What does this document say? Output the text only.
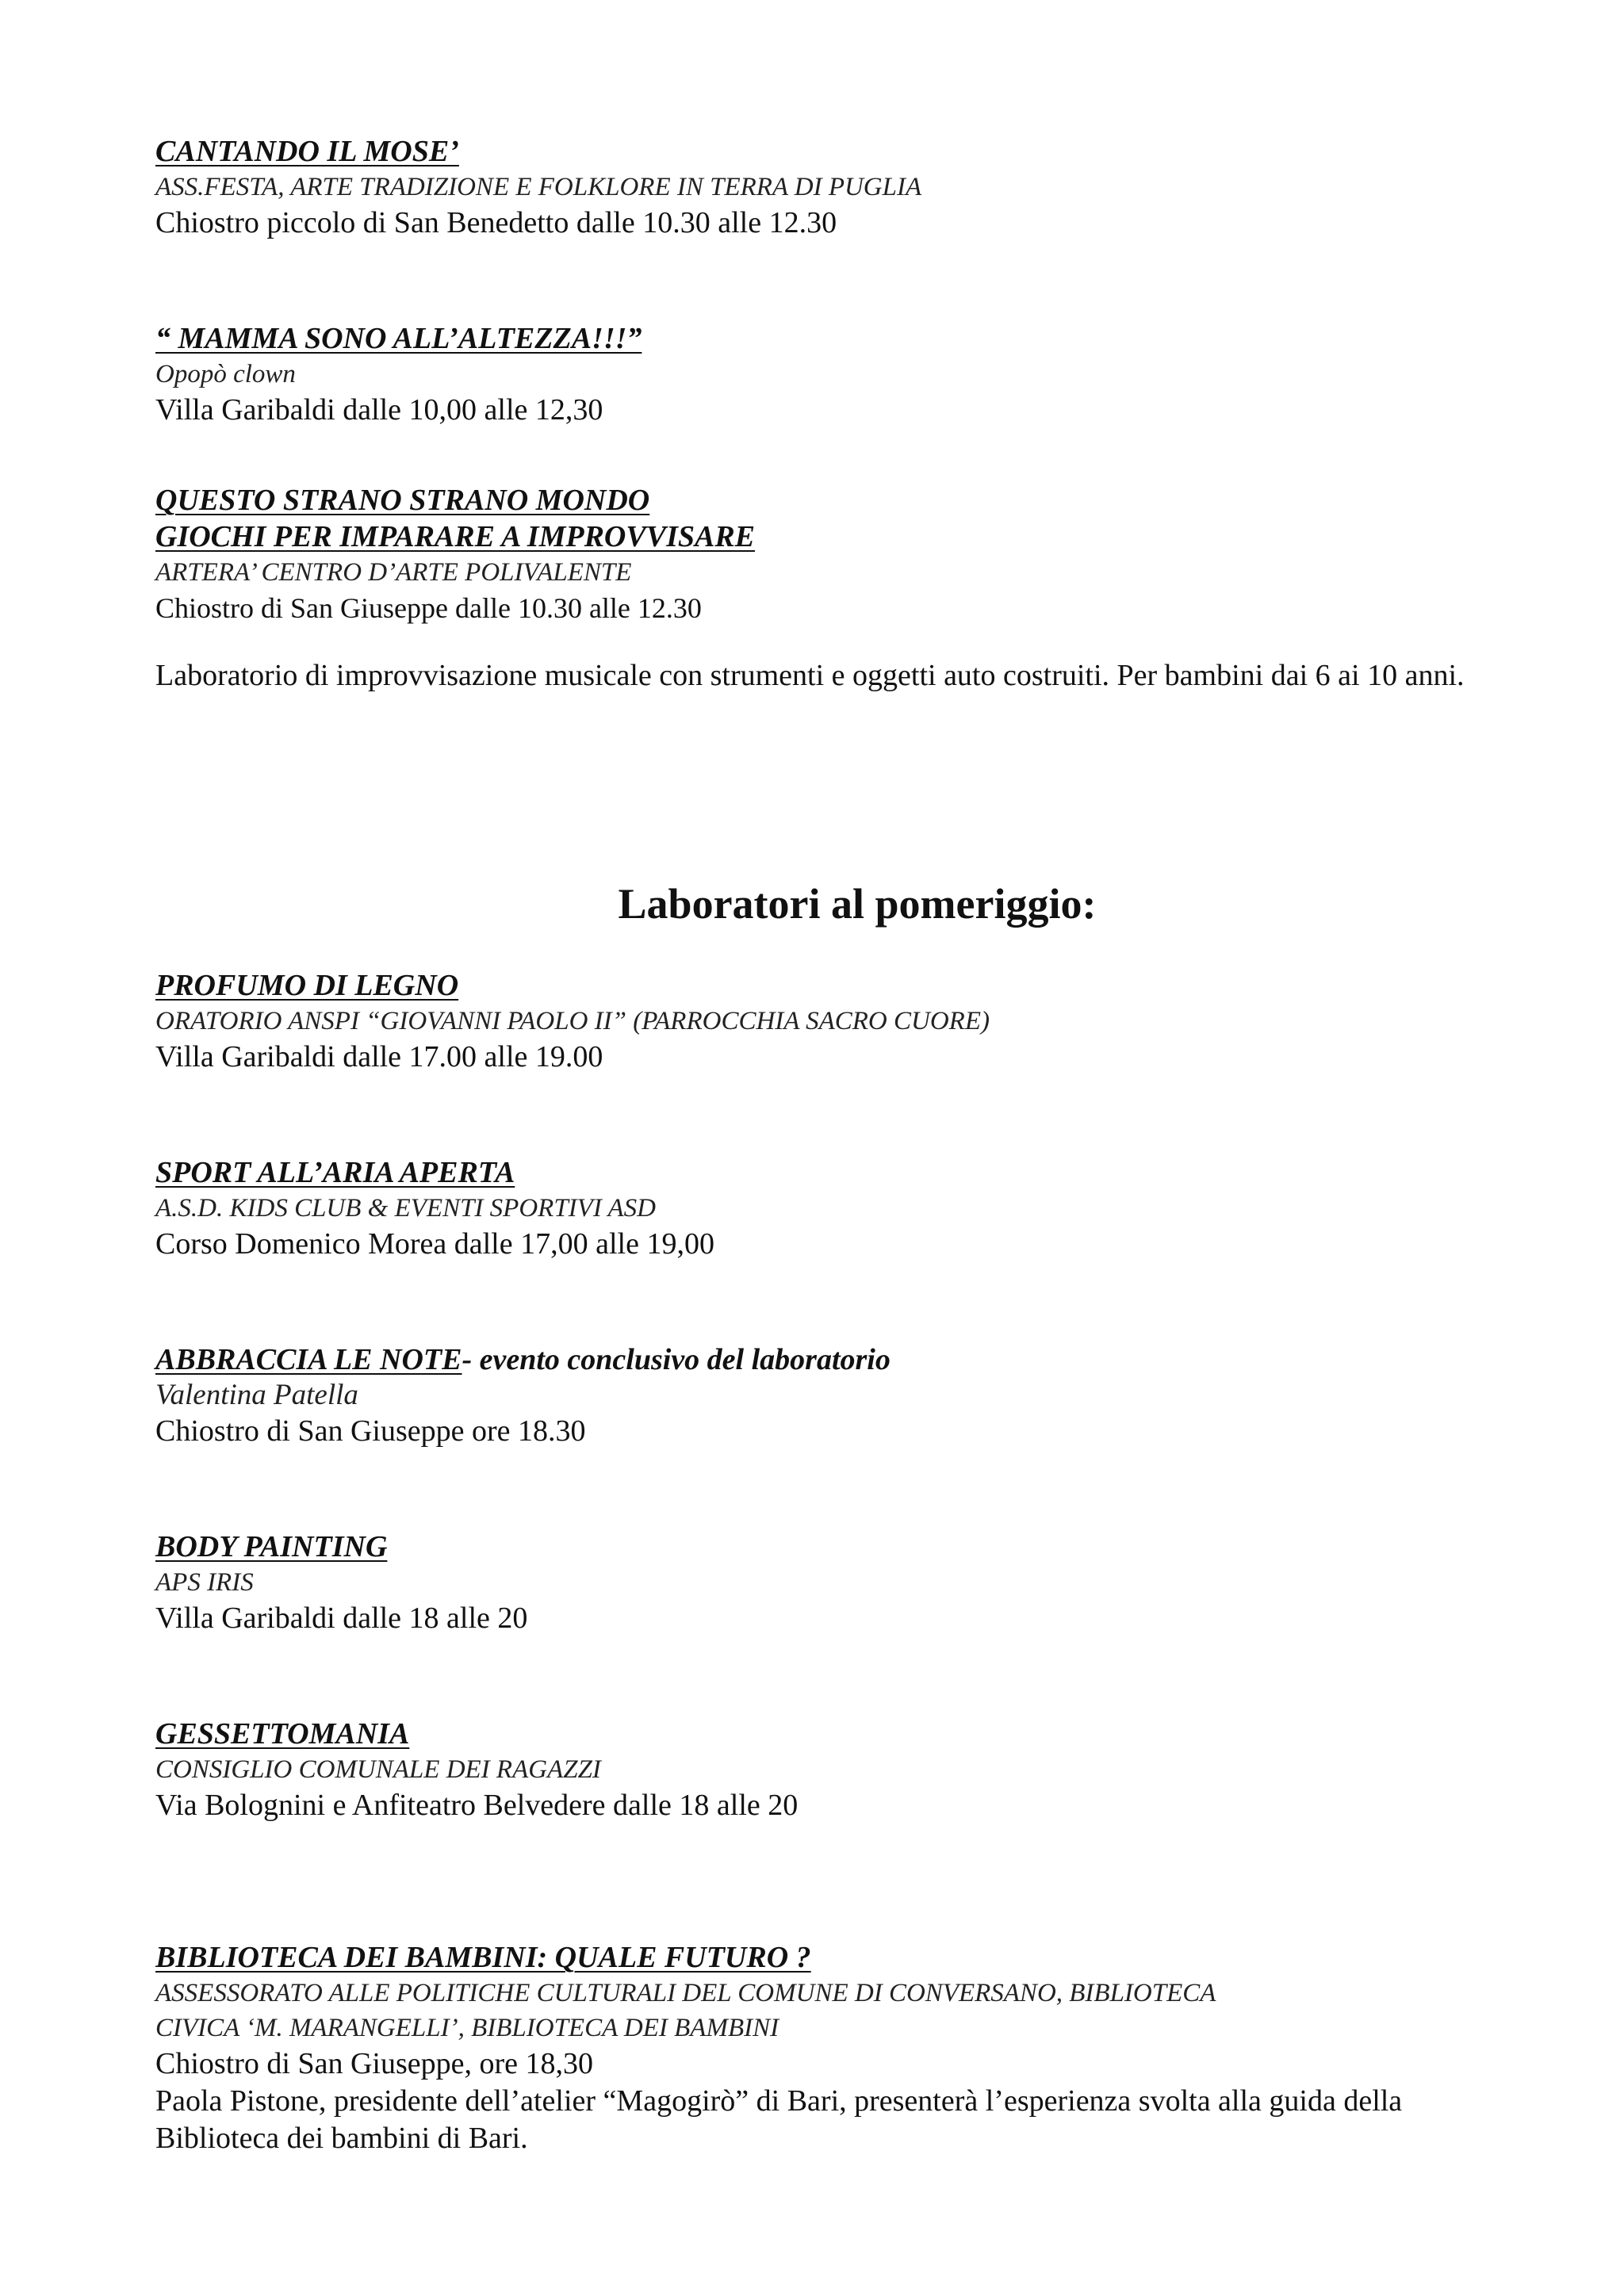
CANTANDO IL MOSE’

ASS.FESTA, ARTE TRADIZIONE E FOLKLORE IN TERRA DI PUGLIA

Chiostro piccolo di San Benedetto dalle 10.30 alle 12.30

“ MAMMA SONO ALL’ALTEZZA!!!”

Opopò clown

Villa Garibaldi dalle 10,00 alle 12,30

QUESTO STRANO STRANO MONDO

GIOCHI PER IMPARARE A IMPROVVISARE

ARTERA’ CENTRO D’ARTE POLIVALENTE

Chiostro di San Giuseppe dalle 10.30 alle 12.30

Laboratorio di improvvisazione musicale con strumenti e oggetti auto costruiti. Per bambini dai 6 ai 10 anni.

Laboratori al pomeriggio:

PROFUMO DI LEGNO

ORATORIO ANSPI “GIOVANNI PAOLO II” (PARROCCHIA SACRO CUORE)

Villa Garibaldi dalle 17.00 alle 19.00

SPORT ALL’ARIA APERTA

A.S.D. KIDS CLUB & EVENTI SPORTIVI ASD

Corso Domenico Morea dalle 17,00 alle 19,00

ABBRACCIA LE NOTE- evento conclusivo del laboratorio

Valentina Patella

Chiostro di San Giuseppe ore 18.30

BODY PAINTING

APS IRIS

Villa Garibaldi dalle 18 alle 20

GESSETTOMANIA

CONSIGLIO COMUNALE DEI RAGAZZI

Via Bolognini e Anfiteatro Belvedere dalle 18 alle 20

BIBLIOTECA DEI BAMBINI: QUALE FUTURO ?

ASSESSORATO ALLE POLITICHE CULTURALI DEL COMUNE DI CONVERSANO, BIBLIOTECA

CIVICA ‘M. MARANGELLI’, BIBLIOTECA DEI BAMBINI

Chiostro di San Giuseppe, ore 18,30

Paola Pistone, presidente dell’atelier “Magogirò” di Bari, presenterà l’esperienza svolta alla guida della Biblioteca dei bambini di Bari.
